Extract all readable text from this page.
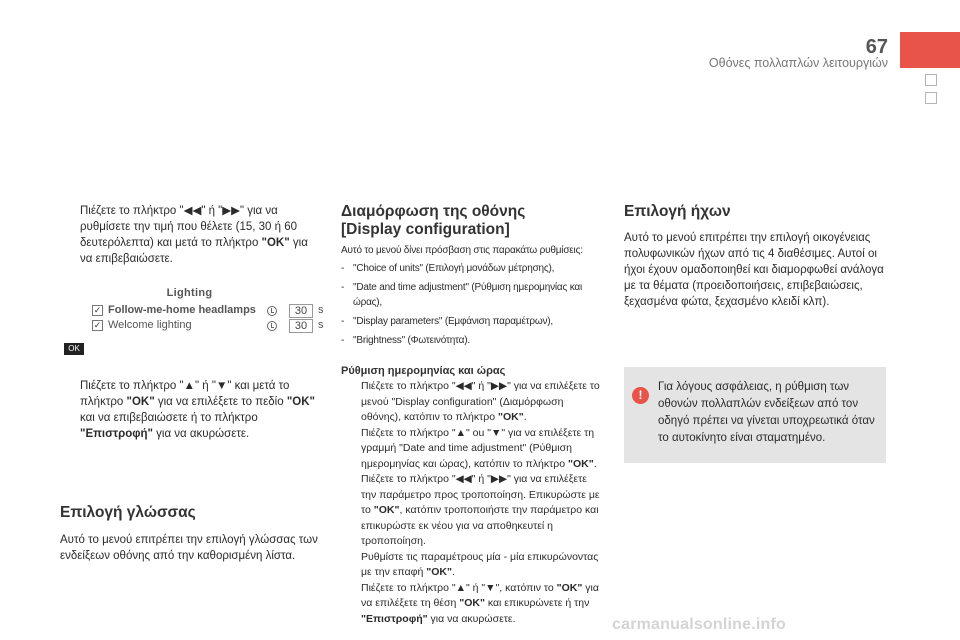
67
Οθόνες πολλαπλών λειτουργιών
Πιέζετε το πλήκτρο "◀◀" ή "▶▶" για να ρυθμίσετε την τιμή που θέλετε (15, 30 ή 60 δευτερόλεπτα) και μετά το πλήκτρο "OK" για να επιβεβαιώσετε.
Lighting
✓ Follow-me-home headlamps	30 s
✓ Welcome lighting	30 s
OK
Πιέζετε το πλήκτρο "▲" ή "▼" και μετά το πλήκτρο "OK" για να επιλέξετε το πεδίο "OK" και να επιβεβαιώσετε ή το πλήκτρο "Επιστροφή" για να ακυρώσετε.
Επιλογή γλώσσας
Αυτό το μενού επιτρέπει την επιλογή γλώσσας των ενδείξεων οθόνης από την καθορισμένη λίστα.
Διαμόρφωση της οθόνης
[Display configuration]
Αυτό το μενού δίνει πρόσβαση στις παρακάτω ρυθμίσεις:
- "Choice of units" (Επιλογή μονάδων μέτρησης),
- "Date and time adjustment" (Ρύθμιση ημερομηνίας και ώρας),
- "Display parameters" (Εμφάνιση παραμέτρων),
- "Brightness" (Φωτεινότητα).
Ρύθμιση ημερομηνίας και ώρας
Πιέζετε το πλήκτρο "◀◀" ή "▶▶" για να επιλέξετε το μενού "Display configuration" (Διαμόρφωση οθόνης), κατόπιν το πλήκτρο "OK".
Πιέζετε το πλήκτρο "▲" ou "▼" για να επιλέξετε τη γραμμή "Date and time adjustment" (Ρύθμιση ημερομηνίας και ώρας), κατόπιν το πλήκτρο "OK".
Πιέζετε το πλήκτρο "◀◀" ή "▶▶" για να επιλέξετε την παράμετρο προς τροποποίηση. Επικυρώστε με το "OK", κατόπιν τροποποιήστε την παράμετρο και επικυρώστε εκ νέου για να αποθηκευτεί η τροποποίηση.
Ρυθμίστε τις παραμέτρους μία - μία επικυρώνοντας με την επαφή "OK".
Πιέζετε το πλήκτρο "▲" ή "▼", κατόπιν το "OK" για να επιλέξετε τη θέση "OK" και επικυρώνετε ή την "Επιστροφή" για να ακυρώσετε.
Επιλογή ήχων
Αυτό το μενού επιτρέπει την επιλογή οικογένειας πολυφωνικών ήχων από τις 4 διαθέσιμες. Αυτοί οι ήχοι έχουν ομαδοποιηθεί και διαμορφωθεί ανάλογα με τα θέματα (προειδοποιήσεις, επιβεβαιώσεις, ξεχασμένα φώτα, ξεχασμένο κλειδί κλπ).
!
Για λόγους ασφάλειας, η ρύθμιση των οθονών πολλαπλών ενδείξεων από τον οδηγό πρέπει να γίνεται υποχρεωτικά όταν το αυτοκίνητο είναι σταματημένο.
carmanualsonline.info
